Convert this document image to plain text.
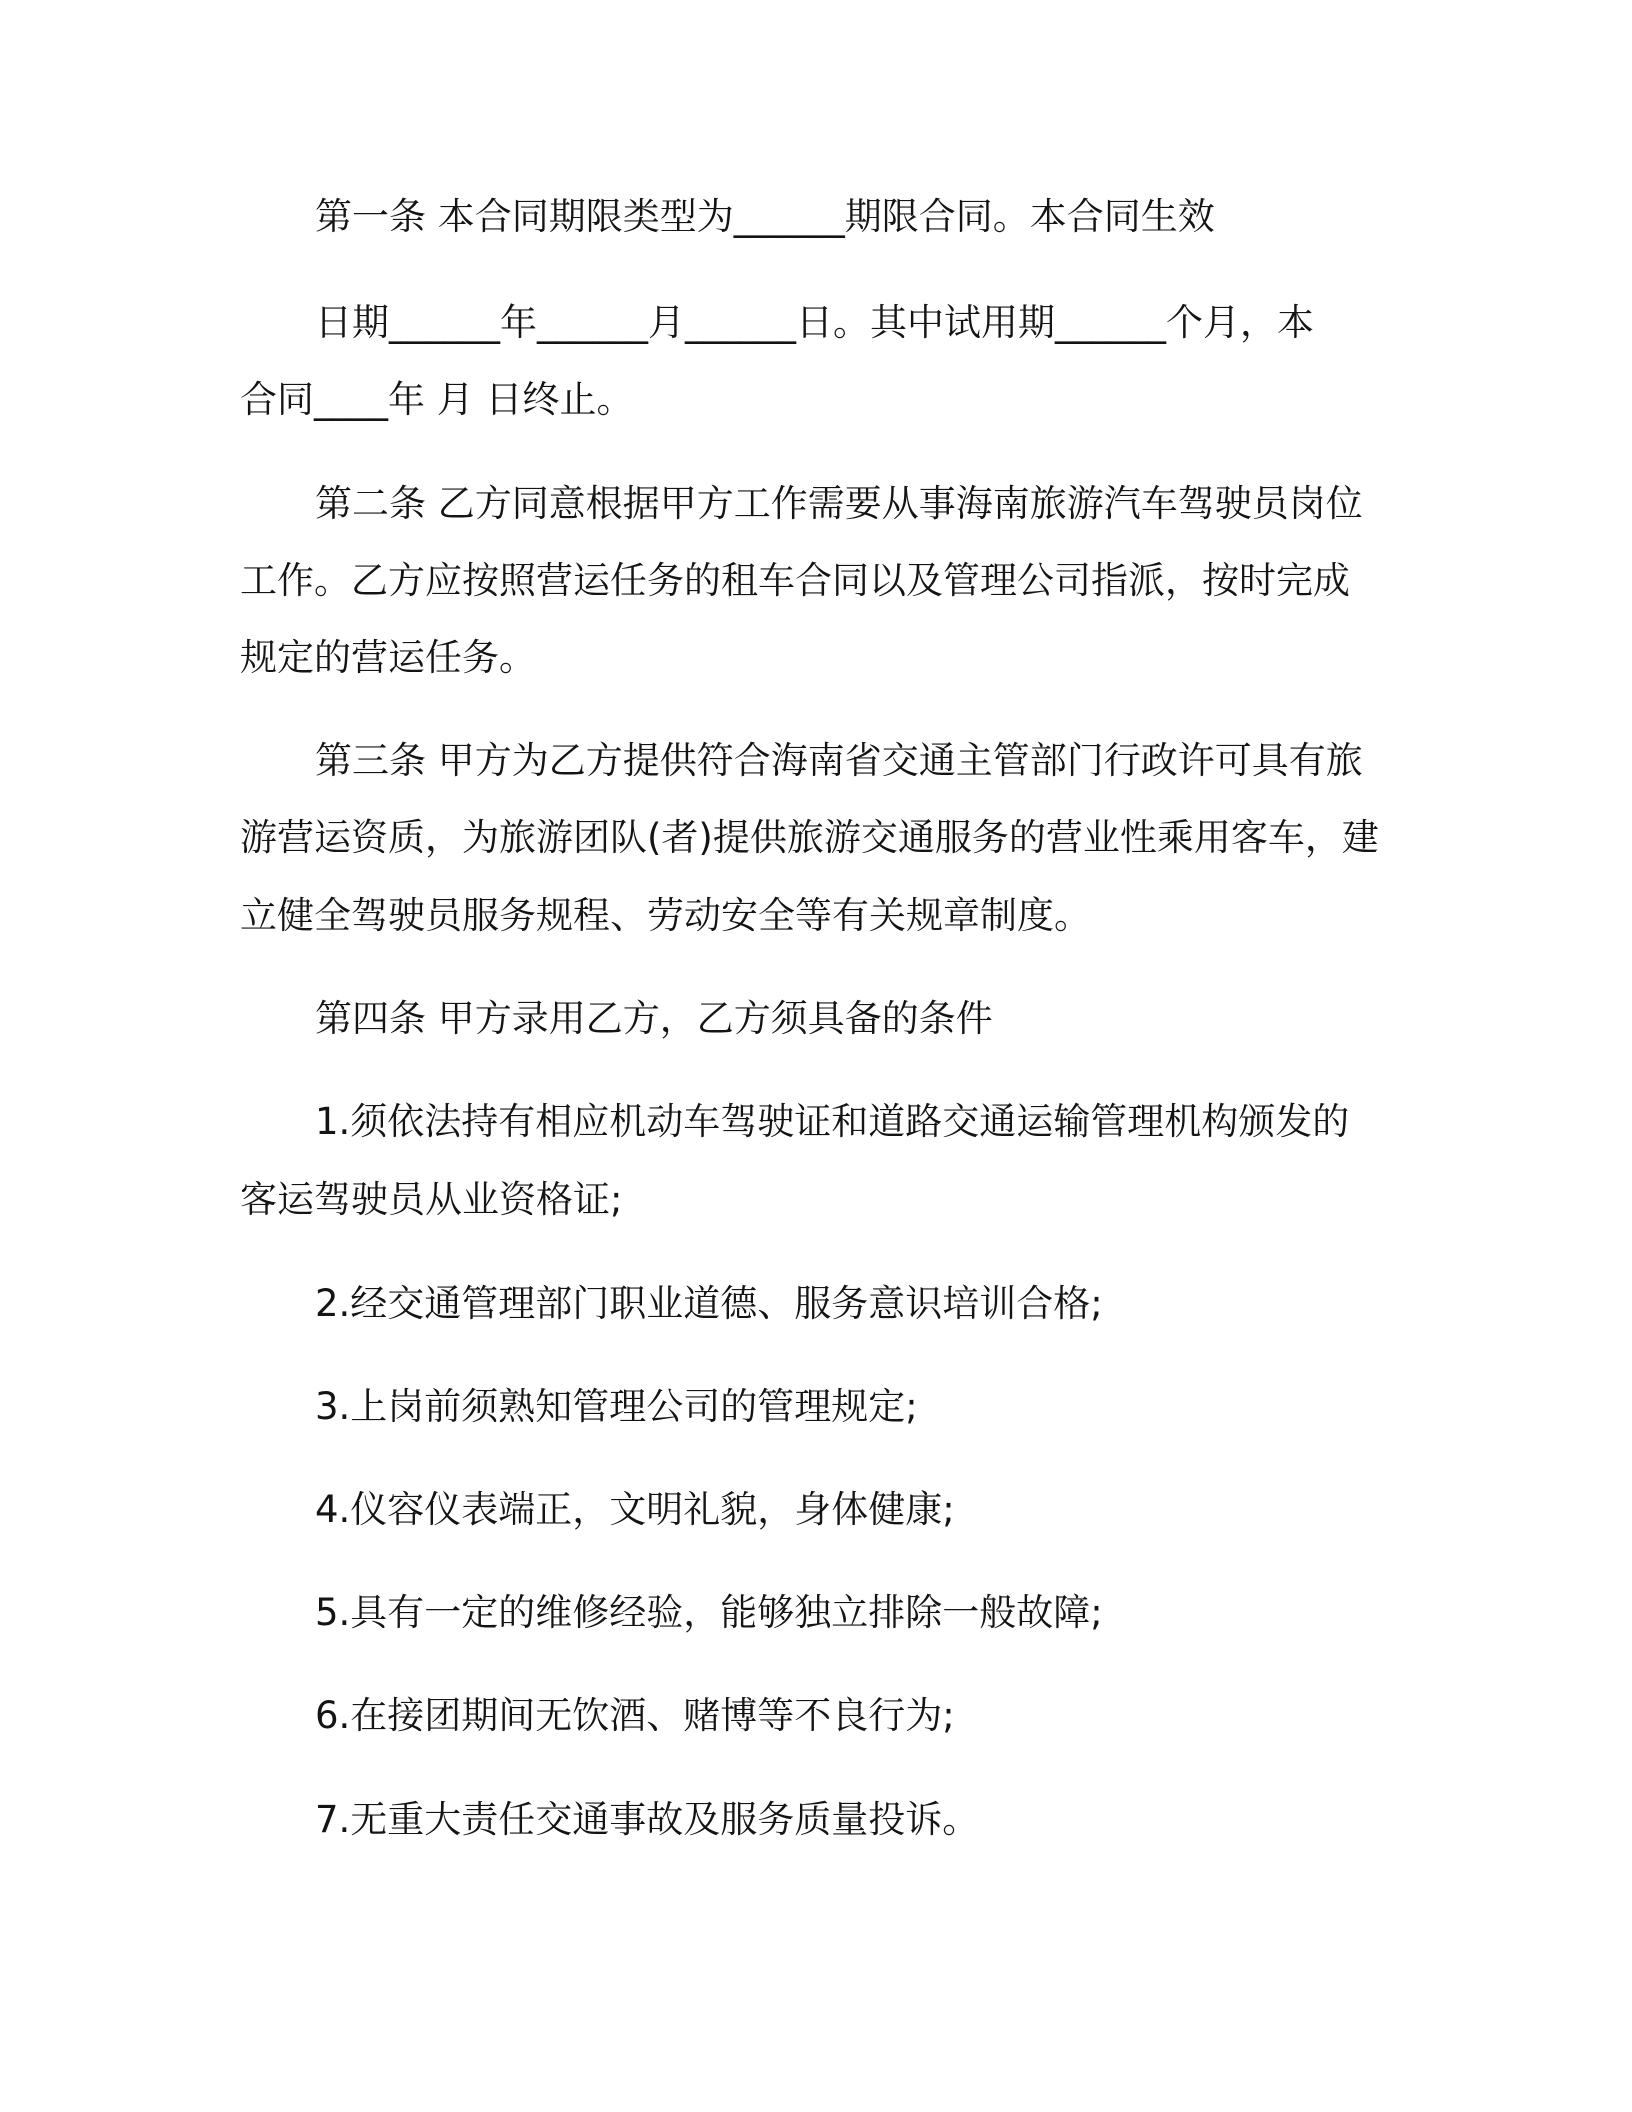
第一条 本合同期限类型为______期限合同。本合同生效
日期______年______月______日。其中试用期______个月，本
合同____年 月 日终止。
第二条 乙方同意根据甲方工作需要从事海南旅游汽车驾驶员岗位
工作。乙方应按照营运任务的租车合同以及管理公司指派，按时完成
规定的营运任务。
第三条 甲方为乙方提供符合海南省交通主管部门行政许可具有旅
游营运资质，为旅游团队(者)提供旅游交通服务的营业性乘用客车，建
立健全驾驶员服务规程、劳动安全等有关规章制度。
第四条 甲方录用乙方，乙方须具备的条件
1.须依法持有相应机动车驾驶证和道路交通运输管理机构颁发的
客运驾驶员从业资格证;
2.经交通管理部门职业道德、服务意识培训合格;
3.上岗前须熟知管理公司的管理规定;
4.仪容仪表端正，文明礼貌，身体健康;
5.具有一定的维修经验，能够独立排除一般故障;
6.在接团期间无饮酒、赌博等不良行为;
7.无重大责任交通事故及服务质量投诉。
